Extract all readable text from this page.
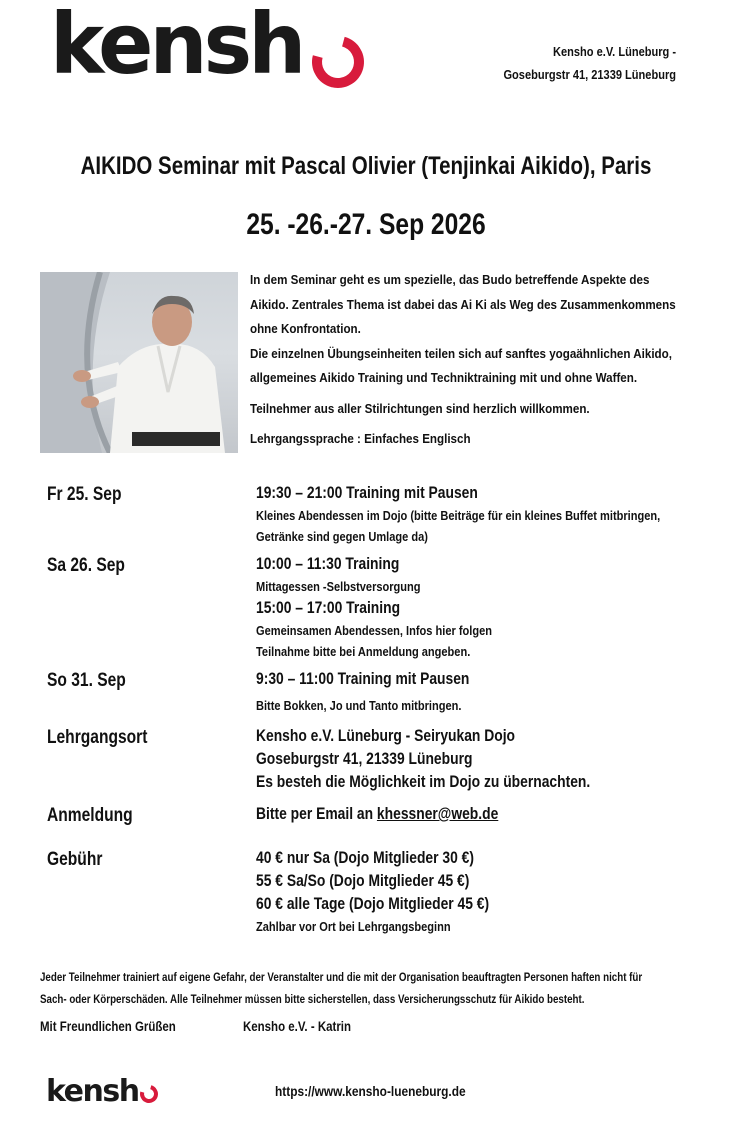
kensh	Kensho e.V. Lüneburg -
Goseburgstr 41, 21339 Lüneburg
AIKIDO Seminar mit Pascal Olivier (Tenjinkai Aikido), Paris
25. -26.-27. Sep 2026

In dem Seminar geht es um spezielle, das Budo betreffende Aspekte des Aikido. Zentrales Thema ist dabei das Ai Ki als Weg des Zusammenkommens ohne Konfrontation.

Die einzelnen Übungseinheiten teilen sich auf sanftes yogaähnlichen Aikido, allgemeines Aikido Training und Techniktraining mit und ohne Waffen.

Teilnehmer aus aller Stilrichtungen sind herzlich willkommen.

Lehrgangssprache : Einfaches Englisch

Fr 25. Sep	19:30 – 21:00 Training mit Pausen
Kleines Abendessen im Dojo (bitte Beiträge für ein kleines Buffet mitbringen,
Getränke sind gegen Umlage da)
Sa 26. Sep	10:00 – 11:30 Training
Mittagessen -Selbstversorgung
15:00 – 17:00 Training
Gemeinsamen Abendessen, Infos hier folgen
Teilnahme bitte bei Anmeldung angeben.
So 31. Sep	9:30 – 11:00 Training mit Pausen
Bitte Bokken, Jo und Tanto mitbringen.
Lehrgangsort	Kensho e.V. Lüneburg - Seiryukan Dojo
Goseburgstr 41, 21339 Lüneburg
Es besteh die Möglichkeit im Dojo zu übernachten.
Anmeldung	Bitte per Email an khessner@web.de
Gebühr	40 € nur Sa (Dojo Mitglieder 30 €)
55 € Sa/So (Dojo Mitglieder 45 €)
60 € alle Tage (Dojo Mitglieder 45 €)
Zahlbar vor Ort bei Lehrgangsbeginn
Jeder Teilnehmer trainiert auf eigene Gefahr, der Veranstalter und die mit der Organisation beauftragten Personen haften nicht für
Sach- oder Körperschäden. Alle Teilnehmer müssen bitte sicherstellen, dass Versicherungsschutz für Aikido besteht.
Mit Freundlichen Grüßen	Kensho e.V. - Katrin
kensh	https://www.kensho-lueneburg.de
